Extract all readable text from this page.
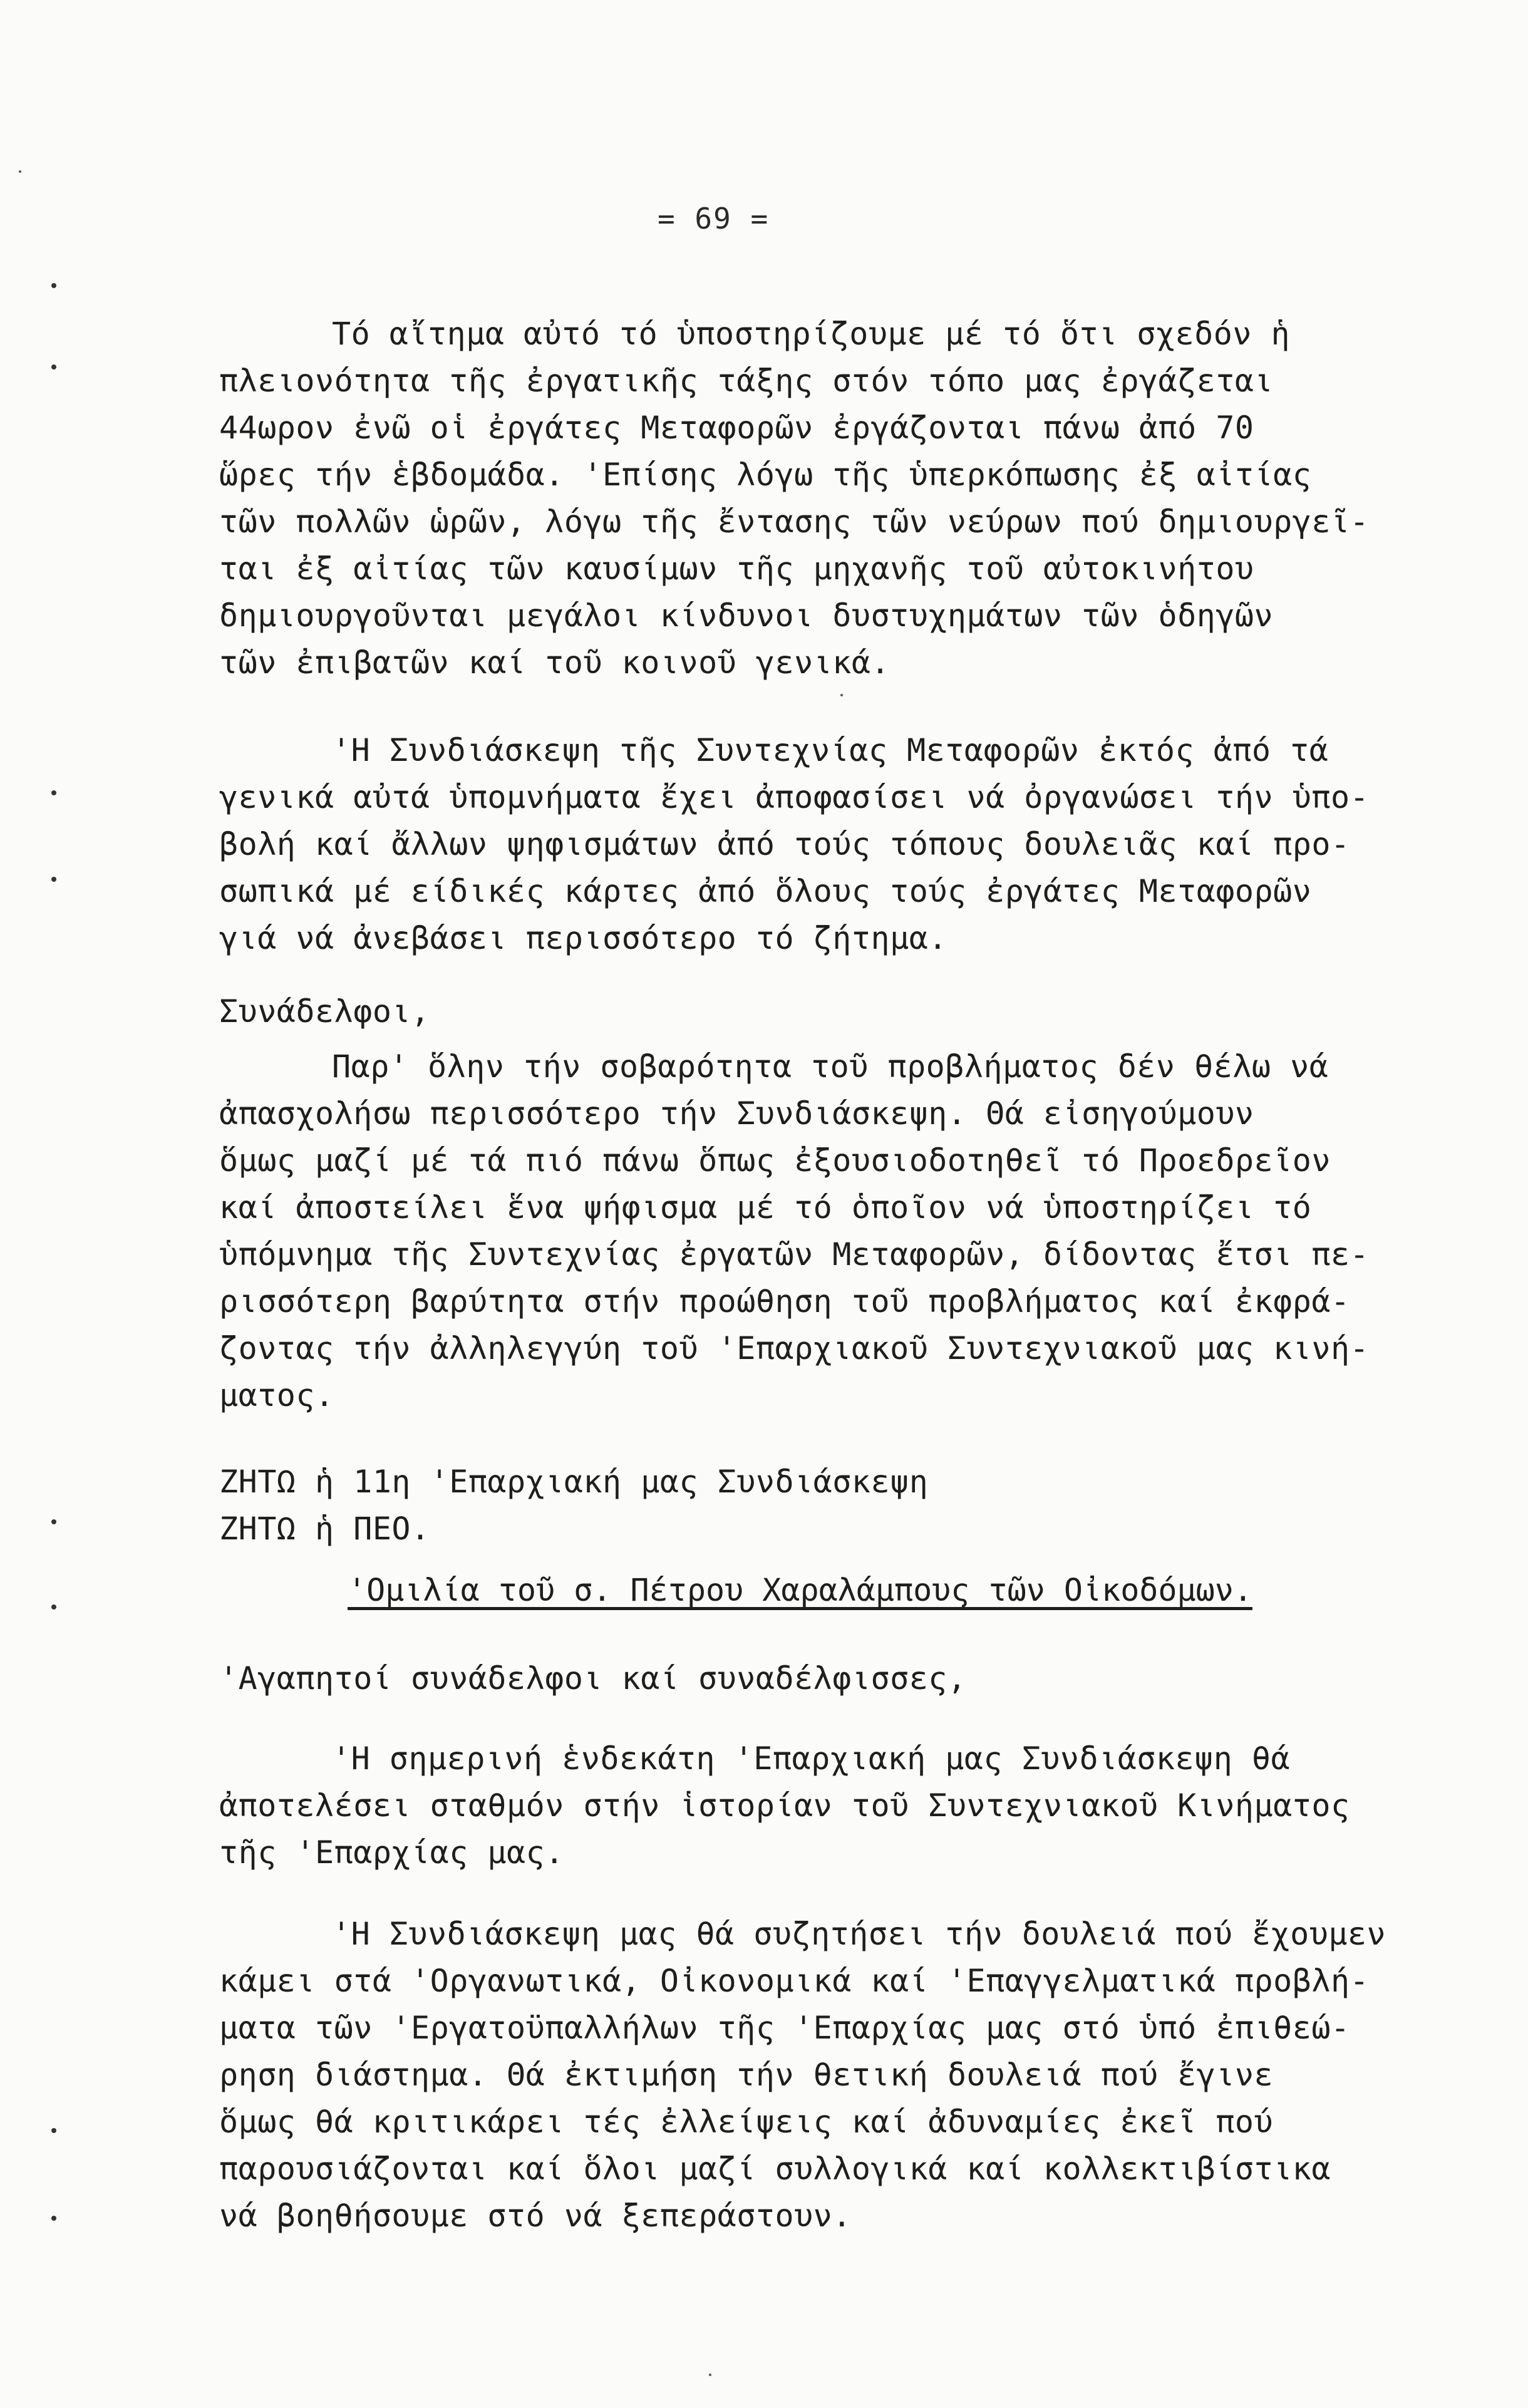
= 69 =
Τό αἴτημα αὐτό τό ὑποστηρίζουμε μέ τό ὅτι σχεδόν ἡ
πλειονότητα τῆς ἐργατικῆς τάξης στόν τόπο μας ἐργάζεται
44ωρον ἐνῶ οἱ ἐργάτες Μεταφορῶν ἐργάζονται πάνω ἀπό 70
ὥρες τήν ἑβδομάδα. 'Επίσης λόγω τῆς ὑπερκόπωσης ἐξ αἰτίας
τῶν πολλῶν ὡρῶν, λόγω τῆς ἔντασης τῶν νεύρων πού δημιουργεῖ-
ται ἐξ αἰτίας τῶν καυσίμων τῆς μηχανῆς τοῦ αὐτοκινήτου
δημιουργοῦνται μεγάλοι κίνδυνοι δυστυχημάτων τῶν ὁδηγῶν
τῶν ἐπιβατῶν καί τοῦ κοινοῦ γενικά.
'Η Συνδιάσκεψη τῆς Συντεχνίας Μεταφορῶν ἐκτός ἀπό τά
γενικά αὐτά ὑπομνήματα ἔχει ἀποφασίσει νά ὀργανώσει τήν ὑπο-
βολή καί ἄλλων ψηφισμάτων ἀπό τούς τόπους δουλειᾶς καί προ-
σωπικά μέ είδικές κάρτες ἀπό ὅλους τούς ἐργάτες Μεταφορῶν
γιά νά ἀνεβάσει περισσότερο τό ζήτημα.
Συνάδελφοι,
Παρ' ὅλην τήν σοβαρότητα τοῦ προβλήματος δέν θέλω νά
ἀπασχολήσω περισσότερο τήν Συνδιάσκεψη. Θά εἰσηγούμουν
ὅμως μαζί μέ τά πιό πάνω ὅπως ἐξουσιοδοτηθεῖ τό Προεδρεῖον
καί ἀποστείλει ἕνα ψήφισμα μέ τό ὁποῖον νά ὑποστηρίζει τό
ὑπόμνημα τῆς Συντεχνίας ἐργατῶν Μεταφορῶν, δίδοντας ἔτσι πε-
ρισσότερη βαρύτητα στήν προώθηση τοῦ προβλήματος καί ἐκφρά-
ζοντας τήν ἀλληλεγγύη τοῦ 'Επαρχιακοῦ Συντεχνιακοῦ μας κινή-
ματος.
ΖΗΤΩ ἡ 11η 'Επαρχιακή μας Συνδιάσκεψη
ΖΗΤΩ ἡ ΠΕΟ.
'Ομιλία τοῦ σ. Πέτρου Χαραλάμπους τῶν Οἰκοδόμων.
'Αγαπητοί συνάδελφοι καί συναδέλφισσες,
'Η σημερινή ἑνδεκάτη 'Επαρχιακή μας Συνδιάσκεψη θά
ἀποτελέσει σταθμόν στήν ἱστορίαν τοῦ Συντεχνιακοῦ Κινήματος
τῆς 'Επαρχίας μας.
'Η Συνδιάσκεψη μας θά συζητήσει τήν δουλειά πού ἔχουμεν
κάμει στά 'Οργανωτικά, Οἰκονομικά καί 'Επαγγελματικά προβλή-
ματα τῶν 'Εργατοϋπαλλήλων τῆς 'Επαρχίας μας στό ὑπό ἐπιθεώ-
ρηση διάστημα. Θά ἐκτιμήση τήν θετική δουλειά πού ἔγινε
ὅμως θά κριτικάρει τές ἐλλείψεις καί ἀδυναμίες ἐκεῖ πού
παρουσιάζονται καί ὅλοι μαζί συλλογικά καί κολλεκτιβίστικα
νά βοηθήσουμε στό νά ξεπεράστουν.
